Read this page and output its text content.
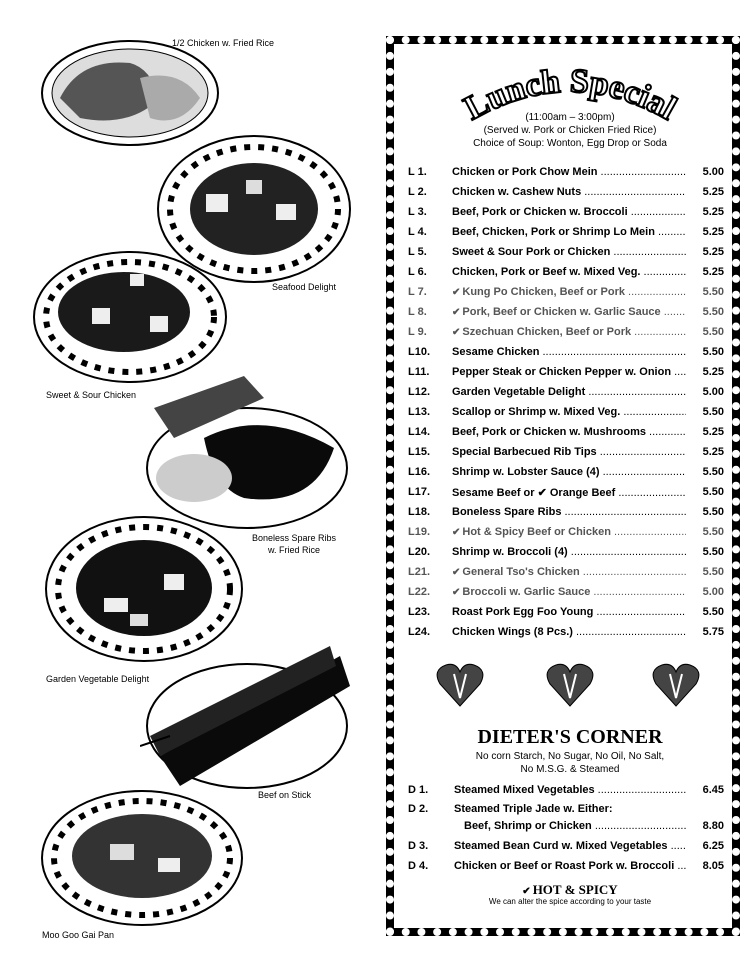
1/2 Chicken w. Fried Rice
Seafood Delight
Sweet & Sour Chicken
Boneless Spare Ribs
w. Fried Rice
Garden Vegetable Delight
Beef on Stick
Moo Goo Gai Pan
Lunch Special
(11:00am – 3:00pm)
(Served w. Pork or Chicken Fried Rice)
Choice of Soup: Wonton, Egg Drop or Soda
L 1.	Chicken or Pork Chow Mein .....	5.00
L 2.	Chicken w. Cashew Nuts .....	5.25
L 3.	Beef, Pork or Chicken w. Broccoli .....	5.25
L 4.	Beef, Chicken, Pork or Shrimp Lo Mein .....	5.25
L 5.	Sweet & Sour Pork or Chicken .....	5.25
L 6.	Chicken, Pork or Beef w. Mixed Veg. .....	5.25
L 7.	✔ Kung Po Chicken, Beef or Pork .....	5.50
L 8.	✔ Pork, Beef or Chicken w. Garlic Sauce .....	5.50
L 9.	✔ Szechuan Chicken, Beef or Pork .....	5.50
L10.	Sesame Chicken .....	5.50
L11.	Pepper Steak or Chicken Pepper w. Onion .....	5.25
L12.	Garden Vegetable Delight .....	5.00
L13.	Scallop or Shrimp w. Mixed Veg. .....	5.50
L14.	Beef, Pork or Chicken w. Mushrooms .....	5.25
L15.	Special Barbecued Rib Tips .....	5.25
L16.	Shrimp w. Lobster Sauce (4) .....	5.50
L17.	Sesame Beef or ✔ Orange Beef .....	5.50
L18.	Boneless Spare Ribs .....	5.50
L19.	✔ Hot & Spicy Beef or Chicken .....	5.50
L20.	Shrimp w. Broccoli (4) .....	5.50
L21.	✔ General Tso's Chicken .....	5.50
L22.	✔ Broccoli w. Garlic Sauce .....	5.00
L23.	Roast Pork Egg Foo Young .....	5.50
L24.	Chicken Wings (8 Pcs.) .....	5.75
DIETER'S CORNER
No corn Starch, No Sugar, No Oil, No Salt,
No M.S.G. & Steamed
D 1.	Steamed Mixed Vegetables .....	6.45
D 2.	Steamed Triple Jade w. Either:
Beef, Shrimp or Chicken .....	8.80
D 3.	Steamed Bean Curd w. Mixed Vegetables .....	6.25
D 4.	Chicken or Beef or Roast Pork w. Broccoli .....	8.05
✔ HOT & SPICY
We can alter the spice according to your taste
